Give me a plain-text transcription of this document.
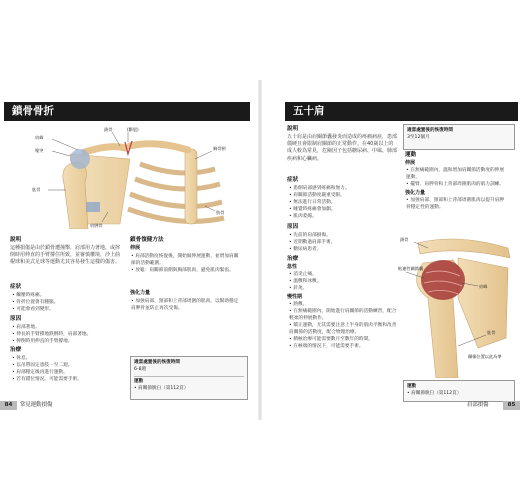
鎖骨骨折
肩峰
喙突
鎖骨	(斷裂)
胸骨柄
肱骨
肋骨
肩胛骨
說明
這種損傷是由於鎖骨遭撞擊，肩部用力著地，或摔倒時用伸直的手臂撐住所致，並審慎權境，沙上曲棍球和美式足球等運動尤其容易發生這樣的傷害。
症狀
• 觸壓時疼痛。
• 骨折位置會有腫脹。
• 可能會看到變形。
原因
• 肩部著地。
• 伸長的手臂撐地跌倒時，肩部著地。
• 摔倒時用伸直的手臂撐地。
治療
• 休息。
• 以吊帶固定患肢一至二週。
• 肩部穩定後再進行運動。
• 若有錯位情況，可能需要手術。
鎖骨復健方法
伸展
• 肩部活動度恢復後，開始做伸展運動，並增加肩關節的活動範圍。
• 放鬆：肩關節前側與胸部肌肉，避免肌肉緊張。
強化力量
• 加強肩部、頸部和上背部周圍的肌肉，以幫助穩定肩胛骨並防止再次受傷。
適當處置後的恢復時間
6-8週
運動
• 肩關節脫臼（第112頁）
84	常見運動損傷
五十肩
說明
五十肩是由肩關節囊發炎而造成的疼痛病症，患部僵硬且會限制肩關節的正常動作。在40歲以上的成人較為常見，危險因子包括糖尿病、中風、肺部疾病和心臟病。
症狀
• 患側肩部感到疼痛和無力。
• 肩關節活動度嚴重受限。
• 無法進行日常活動。
• 睡覺時疼痛會加劇。
• 肌肉萎縮。
原因
• 先前的肩部損傷。
• 近期動過肩部手術。
• 糖尿病患者。
治療
急性
• 消炎止痛。
• 溫敷和冰敷。
• 針灸。
慢性期
• 熱敷。
• 在無痛範圍內，開始進行肩關節的活動練習，配合輕柔的伸展動作。
• 矯正運動，尤其需要注意上半身的肌肉平衡和改善肩關節的活動度，配合物理治療。
• 積極治療可能需要數月至數年的時間。
• 在極端的情況下，可能需要手術。
適當處置後的恢復時間
3至12個月
運動
伸展
• 在無痛範圍內，溫和增加肩關節活動度的伸展運動。
• 擺臂、肩胛骨和上背部周圍肌肉的肌力訓練。
強化力量
• 加強肩部、頸部和上背部周圍肌肉以提升肩胛骨穩定性的運動。
鎖骨
粘連性關節囊
肩峰
肱骨
攝像位置以此為準
運動
• 肩關節脫臼（第112頁）
肩部損傷	85
